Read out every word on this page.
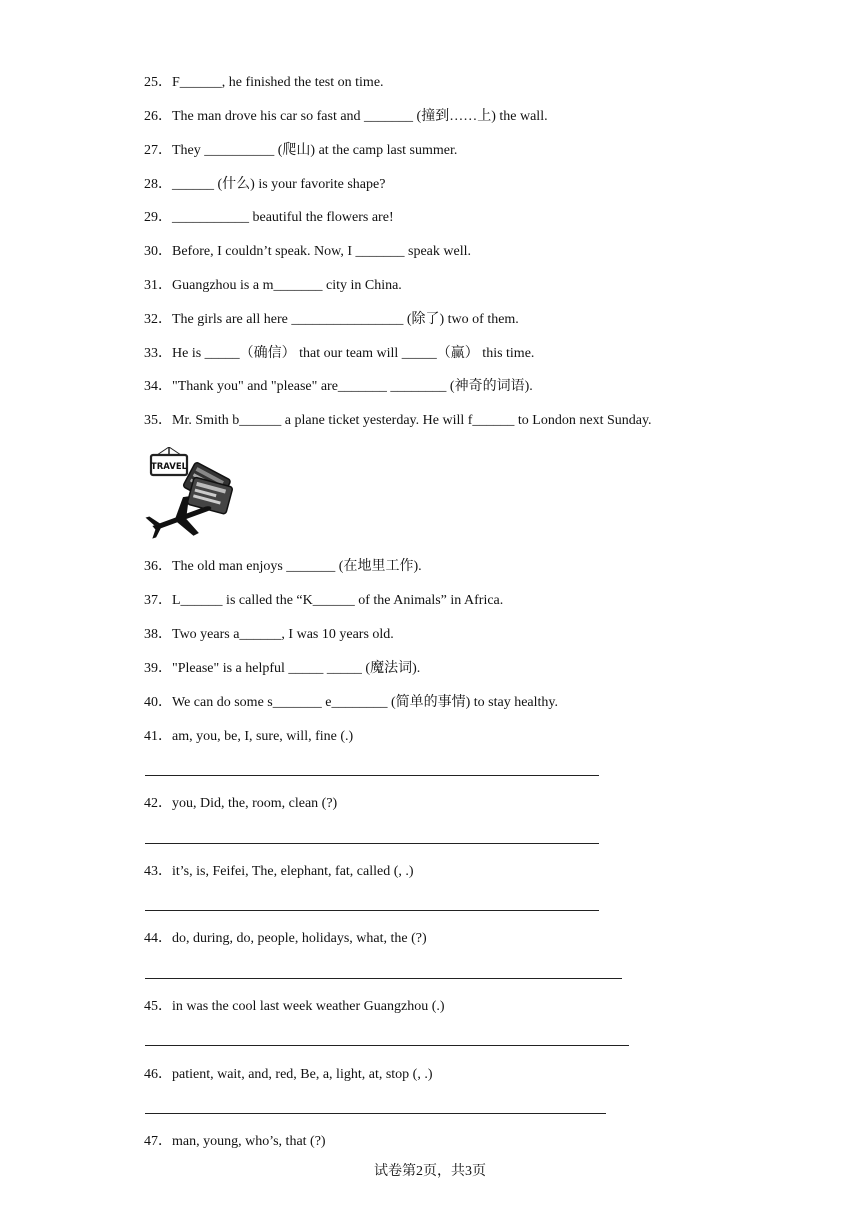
25．F______, he finished the test on time.
26．The man drove his car so fast and _______ (撞到……上) the wall.
27．They __________ (爬山) at the camp last summer.
28．______ (什么) is your favorite shape?
29．___________ beautiful the flowers are!
30．Before, I couldn’t speak. Now, I _______ speak well.
31．Guangzhou is a m_______ city in China.
32．The girls are all here ________________ (除了) two of them.
33．He is _____（确信） that our team will _____（赢） this time.
34．"Thank you" and "please" are_______ ________ (神奇的词语).
35．Mr. Smith b______ a plane ticket yesterday. He will f______ to London next Sunday.
TRAVEL
36．The old man enjoys _______ (在地里工作).
37．L______ is called the “K______ of the Animals” in Africa.
38．Two years a______, I was 10 years old.
39．"Please" is a helpful _____ _____ (魔法词).
40．We can do some s_______ e________ (简单的事情) to stay healthy.
41．am, you, be, I, sure, will, fine (.)
42．you, Did, the, room, clean (?)
43．it’s, is, Feifei, The, elephant, fat, called (, .)
44．do, during, do, people, holidays, what, the (?)
45．in was the cool last week weather Guangzhou (.)
46．patient, wait, and, red, Be, a, light, at, stop (, .)
47．man, young, who’s, that (?)
试卷第2页，共3页
